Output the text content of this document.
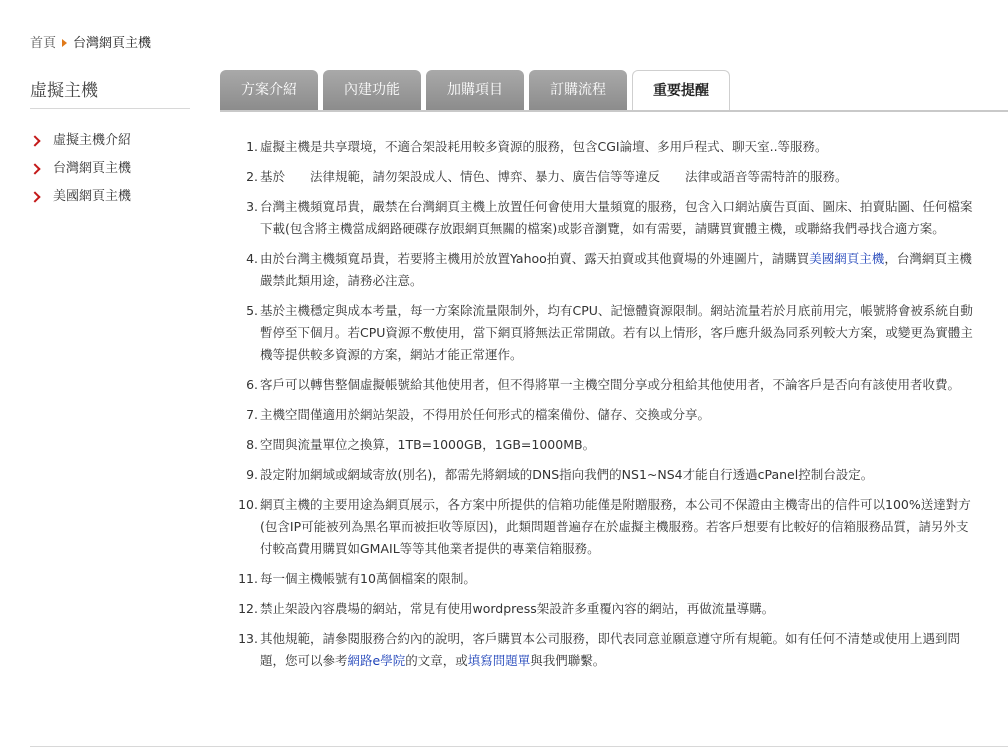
首頁 台灣網頁主機
虛擬主機
虛擬主機介紹
台灣網頁主機
美國網頁主機
方案介紹	內建功能	加購項目	訂購流程	重要提醒
1. 虛擬主機是共享環境，不適合架設耗用較多資源的服務，包含CGI論壇、多用戶程式、聊天室..等服務。
2. 基於　　法律規範，請勿架設成人、情色、博弈、暴力、廣告信等等違反　　法律或語音等需特許的服務。
3. 台灣主機頻寬昂貴，嚴禁在台灣網頁主機上放置任何會使用大量頻寬的服務，包含入口網站廣告頁面、圖床、拍賣貼圖、任何檔案下載(包含將主機當成網路硬碟存放跟網頁無關的檔案)或影音瀏覽，如有需要，請購買實體主機，或聯絡我們尋找合適方案。
4. 由於台灣主機頻寬昂貴，若要將主機用於放置Yahoo拍賣、露天拍賣或其他賣場的外連圖片，請購買美國網頁主機，台灣網頁主機嚴禁此類用途，請務必注意。
5. 基於主機穩定與成本考量，每一方案除流量限制外，均有CPU、記憶體資源限制。網站流量若於月底前用完，帳號將會被系統自動暫停至下個月。若CPU資源不敷使用，當下網頁將無法正常開啟。若有以上情形，客戶應升級為同系列較大方案，或變更為實體主機等提供較多資源的方案，網站才能正常運作。
6. 客戶可以轉售整個虛擬帳號給其他使用者，但不得將單一主機空間分享或分租給其他使用者，不論客戶是否向有該使用者收費。
7. 主機空間僅適用於網站架設，不得用於任何形式的檔案備份、儲存、交換或分享。
8. 空間與流量單位之換算，1TB=1000GB，1GB=1000MB。
9. 設定附加網域或網域寄放(別名)，都需先將網域的DNS指向我們的NS1~NS4才能自行透過cPanel控制台設定。
10. 網頁主機的主要用途為網頁展示，各方案中所提供的信箱功能僅是附贈服務，本公司不保證由主機寄出的信件可以100%送達對方(包含IP可能被列為黑名單而被拒收等原因)，此類問題普遍存在於虛擬主機服務。若客戶想要有比較好的信箱服務品質，請另外支付較高費用購買如GMAIL等等其他業者提供的專業信箱服務。
11. 每一個主機帳號有10萬個檔案的限制。
12. 禁止架設內容農場的網站，常見有使用wordpress架設許多重覆內容的網站，再做流量導購。
13. 其他規範，請參閱服務合約內的說明，客戶購買本公司服務，即代表同意並願意遵守所有規範。如有任何不清楚或使用上遇到問題，您可以參考網路e學院的文章，或填寫問題單與我們聯繫。
